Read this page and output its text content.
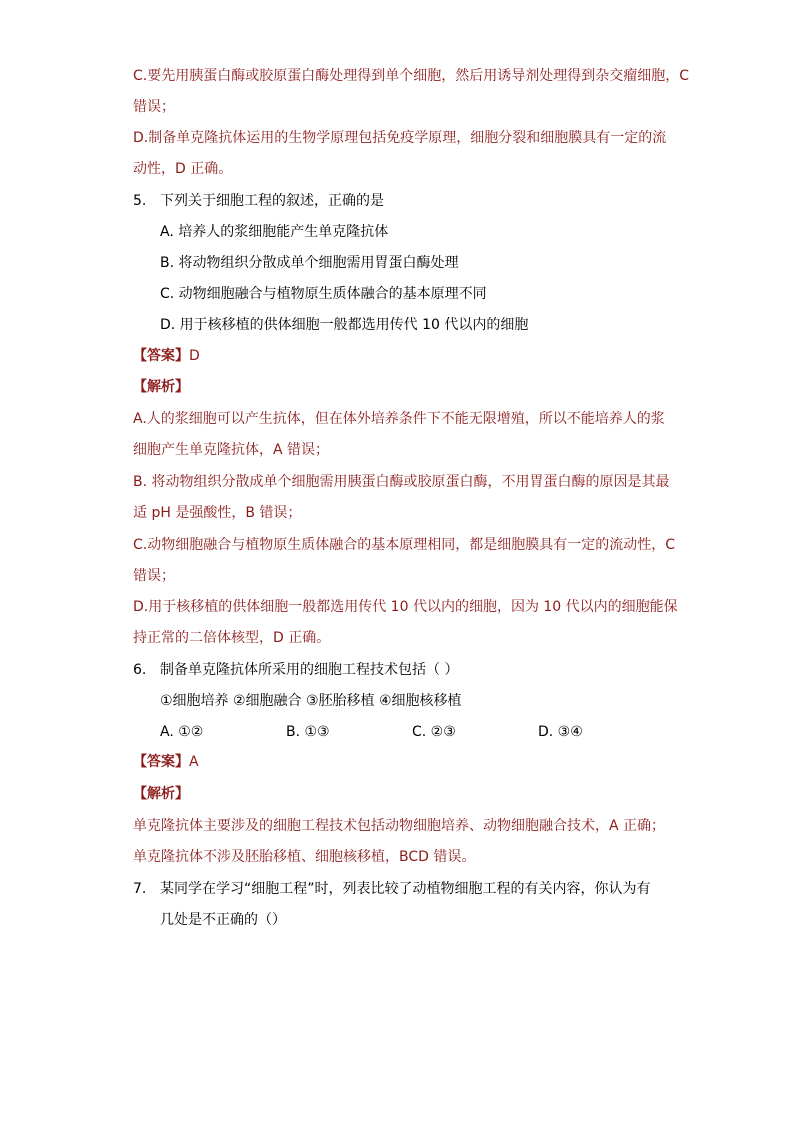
C.要先用胰蛋白酶或胶原蛋白酶处理得到单个细胞，然后用诱导剂处理得到杂交瘤细胞，C
错误；
D.制备单克隆抗体运用的生物学原理包括免疫学原理，细胞分裂和细胞膜具有一定的流
动性，D 正确。
5. 下列关于细胞工程的叙述，正确的是
A. 培养人的浆细胞能产生单克隆抗体
B. 将动物组织分散成单个细胞需用胃蛋白酶处理
C. 动物细胞融合与植物原生质体融合的基本原理不同
D. 用于核移植的供体细胞一般都选用传代 10 代以内的细胞
【答案】D
【解析】
A.人的浆细胞可以产生抗体，但在体外培养条件下不能无限增殖，所以不能培养人的浆
细胞产生单克隆抗体，A 错误；
B. 将动物组织分散成单个细胞需用胰蛋白酶或胶原蛋白酶，不用胃蛋白酶的原因是其最
适 pH 是强酸性，B 错误；
C.动物细胞融合与植物原生质体融合的基本原理相同，都是细胞膜具有一定的流动性，C
错误；
D.用于核移植的供体细胞一般都选用传代 10 代以内的细胞，因为 10 代以内的细胞能保
持正常的二倍体核型，D 正确。
6. 制备单克隆抗体所采用的细胞工程技术包括（ ）
①细胞培养 ②细胞融合 ③胚胎移植 ④细胞核移植
A. ①②	B. ①③	C. ②③	D. ③④
【答案】A
【解析】
单克隆抗体主要涉及的细胞工程技术包括动物细胞培养、动物细胞融合技术，A 正确；
单克隆抗体不涉及胚胎移植、细胞核移植，BCD 错误。
7. 某同学在学习“细胞工程”时，列表比较了动植物细胞工程的有关内容，你认为有
几处是不正确的（）
